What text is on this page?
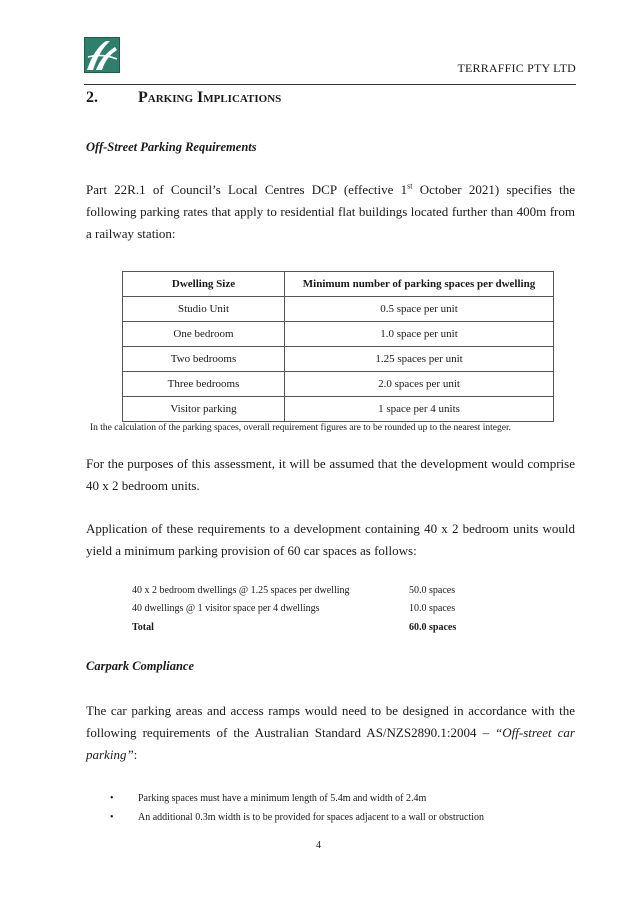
TERRAFFIC PTY LTD
2.	Parking Implications
Off-Street Parking Requirements

Part 22R.1 of Council’s Local Centres DCP (effective 1st October 2021) specifies the following parking rates that apply to residential flat buildings located further than 400m from a railway station:

Dwelling Size	Minimum number of parking spaces per dwelling
Studio Unit	0.5 space per unit
One bedroom	1.0 space per unit
Two bedrooms	1.25 spaces per unit
Three bedrooms	2.0 spaces per unit
Visitor parking	1 space per 4 units
In the calculation of the parking spaces, overall requirement figures are to be rounded up to the nearest integer.

For the purposes of this assessment, it will be assumed that the development would comprise 40 x 2 bedroom units.

Application of these requirements to a development containing 40 x 2 bedroom units would yield a minimum parking provision of 60 car spaces as follows:

40 x 2 bedroom dwellings @ 1.25 spaces per dwelling	50.0 spaces
40 dwellings @ 1 visitor space per 4 dwellings	10.0 spaces
Total	60.0 spaces
Carpark Compliance

The car parking areas and access ramps would need to be designed in accordance with the following requirements of the Australian Standard AS/NZS2890.1:2004 – “Off-street car parking”:

• Parking spaces must have a minimum length of 5.4m and width of 2.4m
• An additional 0.3m width is to be provided for spaces adjacent to a wall or obstruction
4
